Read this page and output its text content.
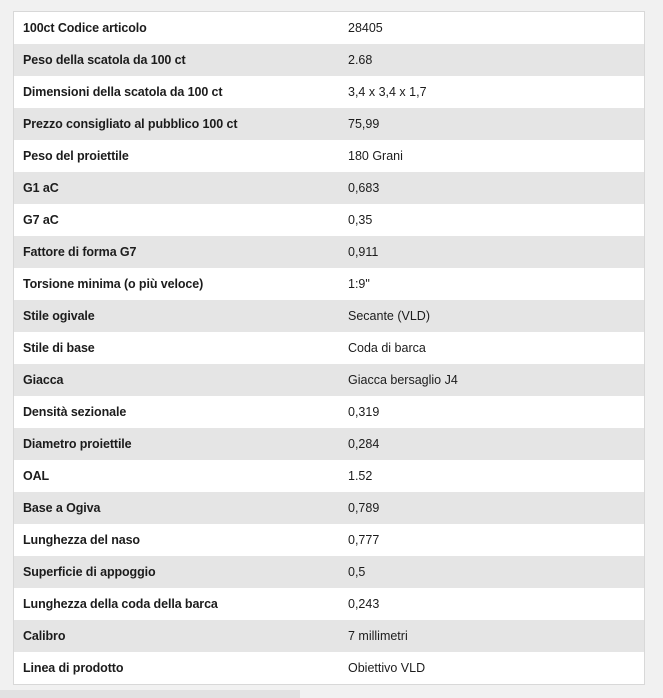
100ct Codice articolo	28405
Peso della scatola da 100 ct	2.68
Dimensioni della scatola da 100 ct	3,4 x 3,4 x 1,7
Prezzo consigliato al pubblico 100 ct	75,99
Peso del proiettile	180 Grani
G1 aC	0,683
G7 aC	0,35
Fattore di forma G7	0,911
Torsione minima (o più veloce)	1:9"
Stile ogivale	Secante (VLD)
Stile di base	Coda di barca
Giacca	Giacca bersaglio J4
Densità sezionale	0,319
Diametro proiettile	0,284
OAL	1.52
Base a Ogiva	0,789
Lunghezza del naso	0,777
Superficie di appoggio	0,5
Lunghezza della coda della barca	0,243
Calibro	7 millimetri
Linea di prodotto	Obiettivo VLD
